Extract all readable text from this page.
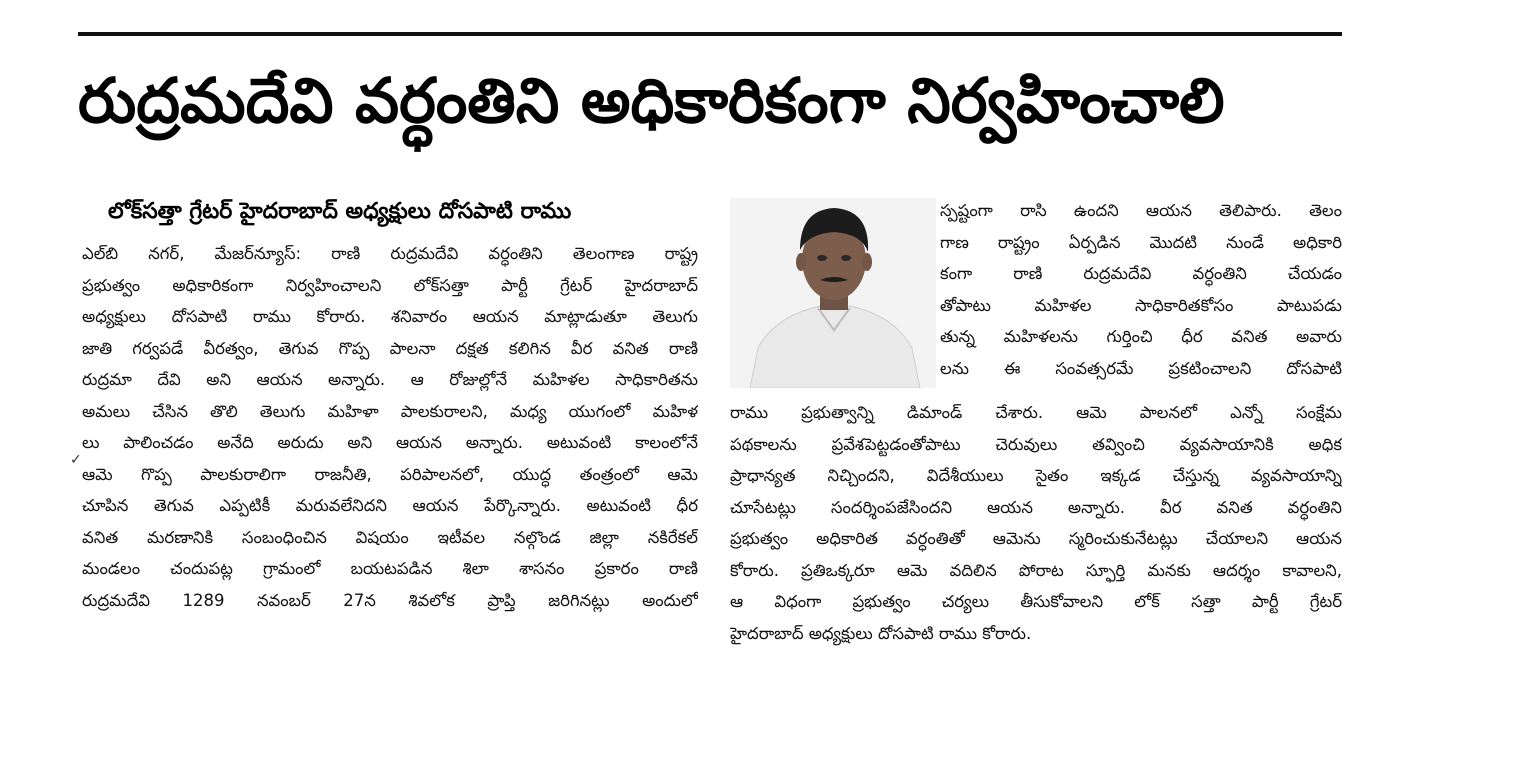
రుద్రమదేవి వర్ధంతిని అధికారికంగా నిర్వహించాలి
లోక్‌సత్తా గ్రేటర్ హైదరాబాద్ అధ్యక్షులు దోసపాటి రాము
✓
ఎల్‌బి నగర్, మేజర్‌న్యూస్‌: రాణి రుద్రమదేవి వర్ధంతిని తెలంగాణ రాష్ట్ర
ప్రభుత్వం అధికారికంగా నిర్వహించాలని లోక్‌సత్తా పార్టీ గ్రేటర్ హైదరాబాద్
అధ్యక్షులు దోసపాటి రాము కోరారు. శనివారం ఆయన మాట్లాడుతూ తెలుగు
జాతి గర్వపడే వీరత్వం, తెగువ గొప్ప పాలనా దక్షత కలిగిన వీర వనిత రాణి
రుద్రమా దేవి అని ఆయన అన్నారు. ఆ రోజుల్లోనే మహిళల సాధికారితను
అమలు చేసిన తొలి తెలుగు మహిళా పాలకురాలని, మధ్య యుగంలో మహిళ
లు పాలించడం అనేది అరుదు అని ఆయన అన్నారు. అటువంటి కాలంలోనే
ఆమె గొప్ప పాలకురాలిగా రాజనీతి, పరిపాలనలో, యుద్ధ తంత్రంలో ఆమె
చూపిన తెగువ ఎప్పటికీ మరువలేనిదని ఆయన పేర్కొన్నారు. అటువంటి ధీర
వనిత మరణానికి సంబంధించిన విషయం ఇటీవల నల్గొండ జిల్లా నకిరేకల్
మండలం చందుపట్ల గ్రామంలో బయటపడిన శిలా శాసనం ప్రకారం రాణి
రుద్రమదేవి 1289 నవంబర్ 27న శివలోక ప్రాప్తి జరిగినట్లు అందులో
స్పష్టంగా రాసి ఉందని ఆయన తెలిపారు. తెలం
గాణ రాష్ట్రం ఏర్పడిన మొదటి నుండే అధికారి
కంగా రాణి రుద్రమదేవి వర్ధంతిని చేయడం
తోపాటు మహిళల సాధికారితకోసం పాటుపడు
తున్న మహిళలను గుర్తించి ధీర వనిత అవారు
లను ఈ సంవత్సరమే ప్రకటించాలని దోసపాటి
రాము ప్రభుత్వాన్ని డిమాండ్ చేశారు. ఆమె పాలనలో ఎన్నో సంక్షేమ
పథకాలను ప్రవేశపెట్టడంతోపాటు చెరువులు తవ్వించి వ్యవసాయానికి అధిక
ప్రాధాన్యత నిచ్చిందని, విదేశీయులు సైతం ఇక్కడ చేస్తున్న వ్యవసాయాన్ని
చూసేటట్లు సందర్శింపజేసిందని ఆయన అన్నారు. వీర వనిత వర్ధంతిని
ప్రభుత్వం అధికారిత వర్ధంతితో ఆమెను స్మరించుకునేటట్లు చేయాలని ఆయన
కోరారు. ప్రతిఒక్కరూ ఆమె వదిలిన పోరాట స్ఫూర్తి మనకు ఆదర్శం కావాలని,
ఆ విధంగా ప్రభుత్వం చర్యలు తీసుకోవాలని లోక్ సత్తా పార్టీ గ్రేటర్
హైదరాబాద్ అధ్యక్షులు దోసపాటి రాము కోరారు.
